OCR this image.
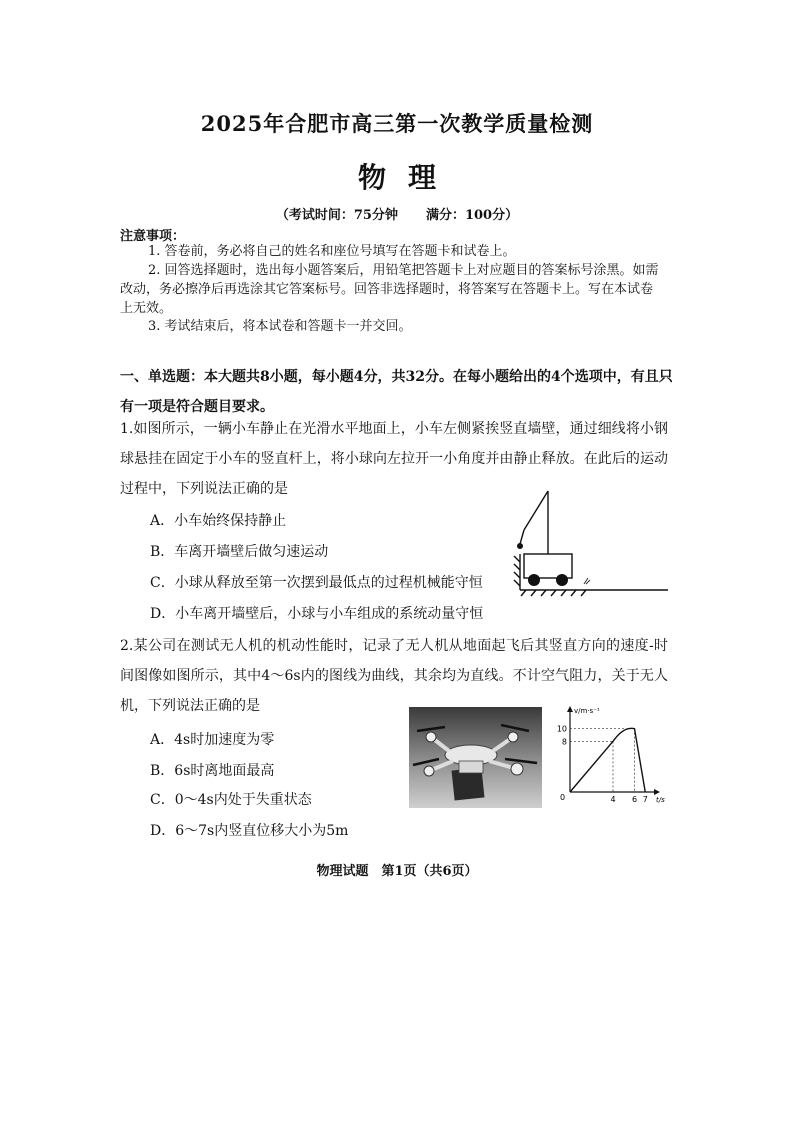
2025年合肥市高三第一次教学质量检测
物理
（考试时间：75分钟 满分：100分）
注意事项：
1. 答卷前，务必将自己的姓名和座位号填写在答题卡和试卷上。
2. 回答选择题时，选出每小题答案后，用铅笔把答题卡上对应题目的答案标号涂黑。如需改动，务必擦净后再选涂其它答案标号。回答非选择题时，将答案写在答题卡上。写在本试卷上无效。
3. 考试结束后，将本试卷和答题卡一并交回。
一、单选题：本大题共8小题，每小题4分，共32分。在每小题给出的4个选项中，有且只有一项是符合题目要求。
1.如图所示，一辆小车静止在光滑水平地面上，小车左侧紧挨竖直墙壁，通过细线将小钢球悬挂在固定于小车的竖直杆上，将小球向左拉开一小角度并由静止释放。在此后的运动过程中，下列说法正确的是
A．小车始终保持静止
B．车离开墙壁后做匀速运动
C．小球从释放至第一次摆到最低点的过程机械能守恒
D．小车离开墙壁后，小球与小车组成的系统动量守恒
2.某公司在测试无人机的机动性能时，记录了无人机从地面起飞后其竖直方向的速度-时间图像如图所示，其中4～6s内的图线为曲线，其余均为直线。不计空气阻力，关于无人机，下列说法正确的是
A．4s时加速度为零
B．6s时离地面最高
C．0～4s内处于失重状态
D．6～7s内竖直位移大小为5m
v/m·s⁻¹
t/s
0
10
8
4 6 7
物理试题　第1页（共6页）
